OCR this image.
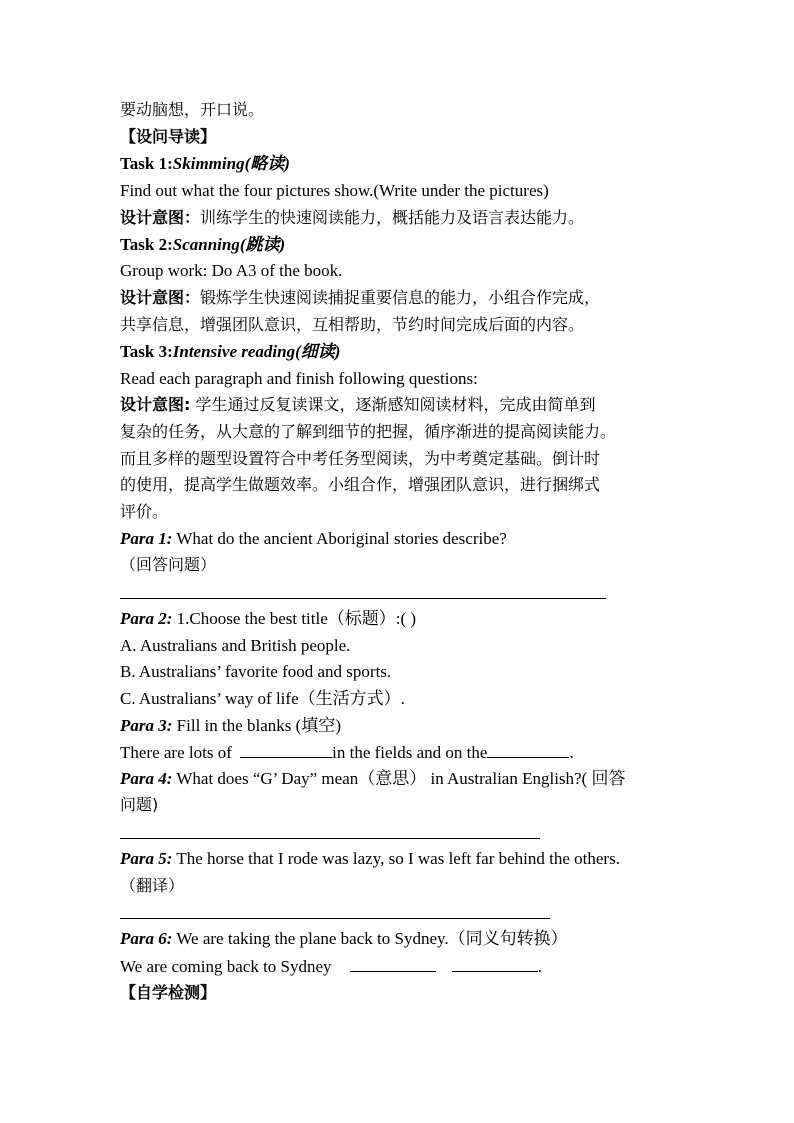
要动脑想，开口说。
【设问导读】
Task 1:Skimming(略读)
Find out what the four pictures show.(Write under the pictures)
设计意图：训练学生的快速阅读能力，概括能力及语言表达能力。
Task 2:Scanning(跳读)
Group work: Do A3 of the book.
设计意图：锻炼学生快速阅读捕捉重要信息的能力，小组合作完成，
共享信息，增强团队意识，互相帮助，节约时间完成后面的内容。
Task 3:Intensive reading(细读)
Read each paragraph and finish following questions:
设计意图: 学生通过反复读课文，逐渐感知阅读材料，完成由简单到
复杂的任务，从大意的了解到细节的把握，循序渐进的提高阅读能力。
而且多样的题型设置符合中考任务型阅读，为中考奠定基础。倒计时
的使用，提高学生做题效率。小组合作，增强团队意识，进行捆绑式
评价。
Para 1: What do the ancient Aboriginal stories describe?
（回答问题）
Para 2: 1.Choose the best title（标题）:( )
A. Australians and British people.
B. Australians’ favorite food and sports.
C. Australians’ way of life（生活方式）.
Para 3: Fill in the blanks (填空)
There are lots of	in the fields and on the	.
Para 4: What does “G’ Day” mean（意思） in Australian English?( 回答
问题)
Para 5: The horse that I rode was lazy, so I was left far behind the others.
（翻译）
Para 6: We are taking the plane back to Sydney.（同义句转换）
We are coming back to Sydney	.
【自学检测】
